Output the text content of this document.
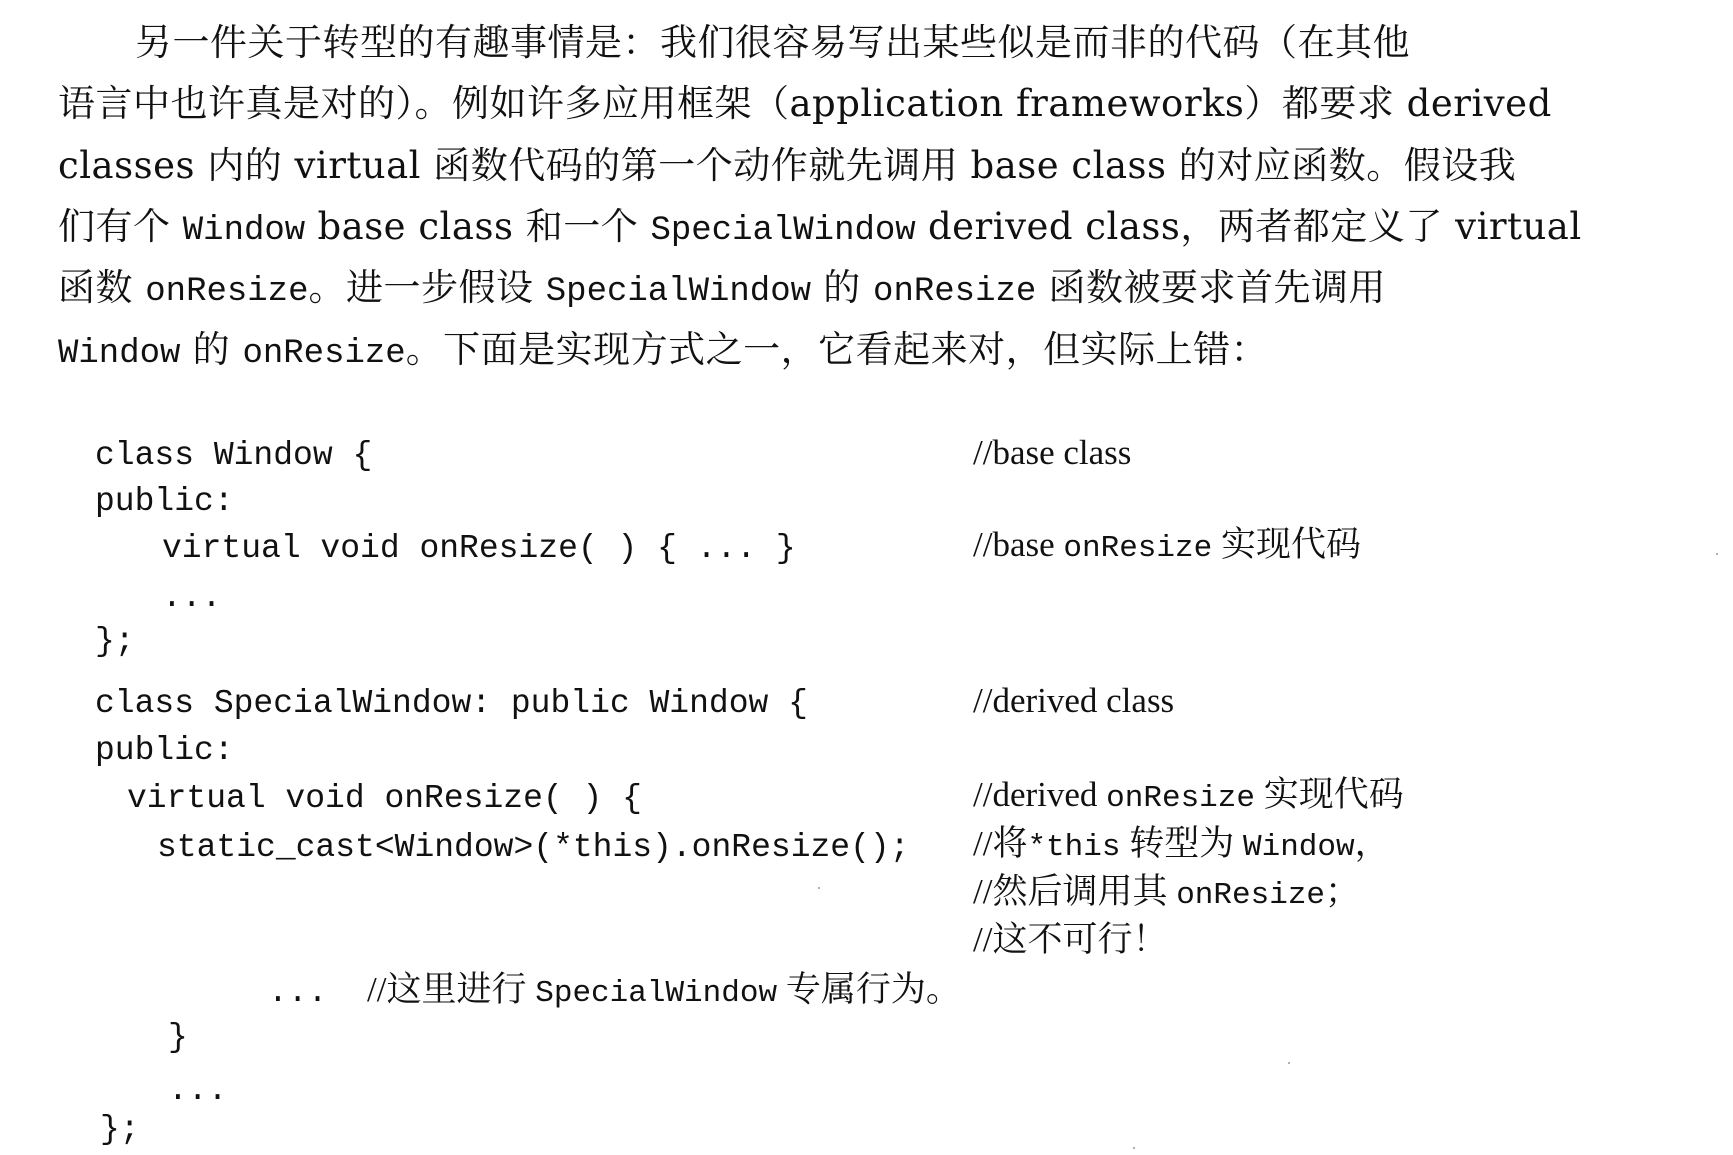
另一件关于转型的有趣事情是：我们很容易写出某些似是而非的代码（在其他
语言中也许真是对的）。例如许多应用框架（application frameworks）都要求 derived
classes 内的 virtual 函数代码的第一个动作就先调用 base class 的对应函数。假设我
们有个 Window base class 和一个 SpecialWindow derived class，两者都定义了 virtual
函数 onResize。进一步假设 SpecialWindow 的 onResize 函数被要求首先调用
Window 的 onResize。下面是实现方式之一，它看起来对，但实际上错：
class Window {
public:
virtual void onResize( ) { ... }
...
};
class SpecialWindow: public Window {
public:
virtual void onResize( ) {
static_cast<Window>(*this).onResize();
... //这里进行 SpecialWindow 专属行为。
}
...
};
//base class
//base onResize 实现代码
//derived class
//derived onResize 实现代码
//将*this 转型为 Window，
//然后调用其 onResize；
//这不可行！
